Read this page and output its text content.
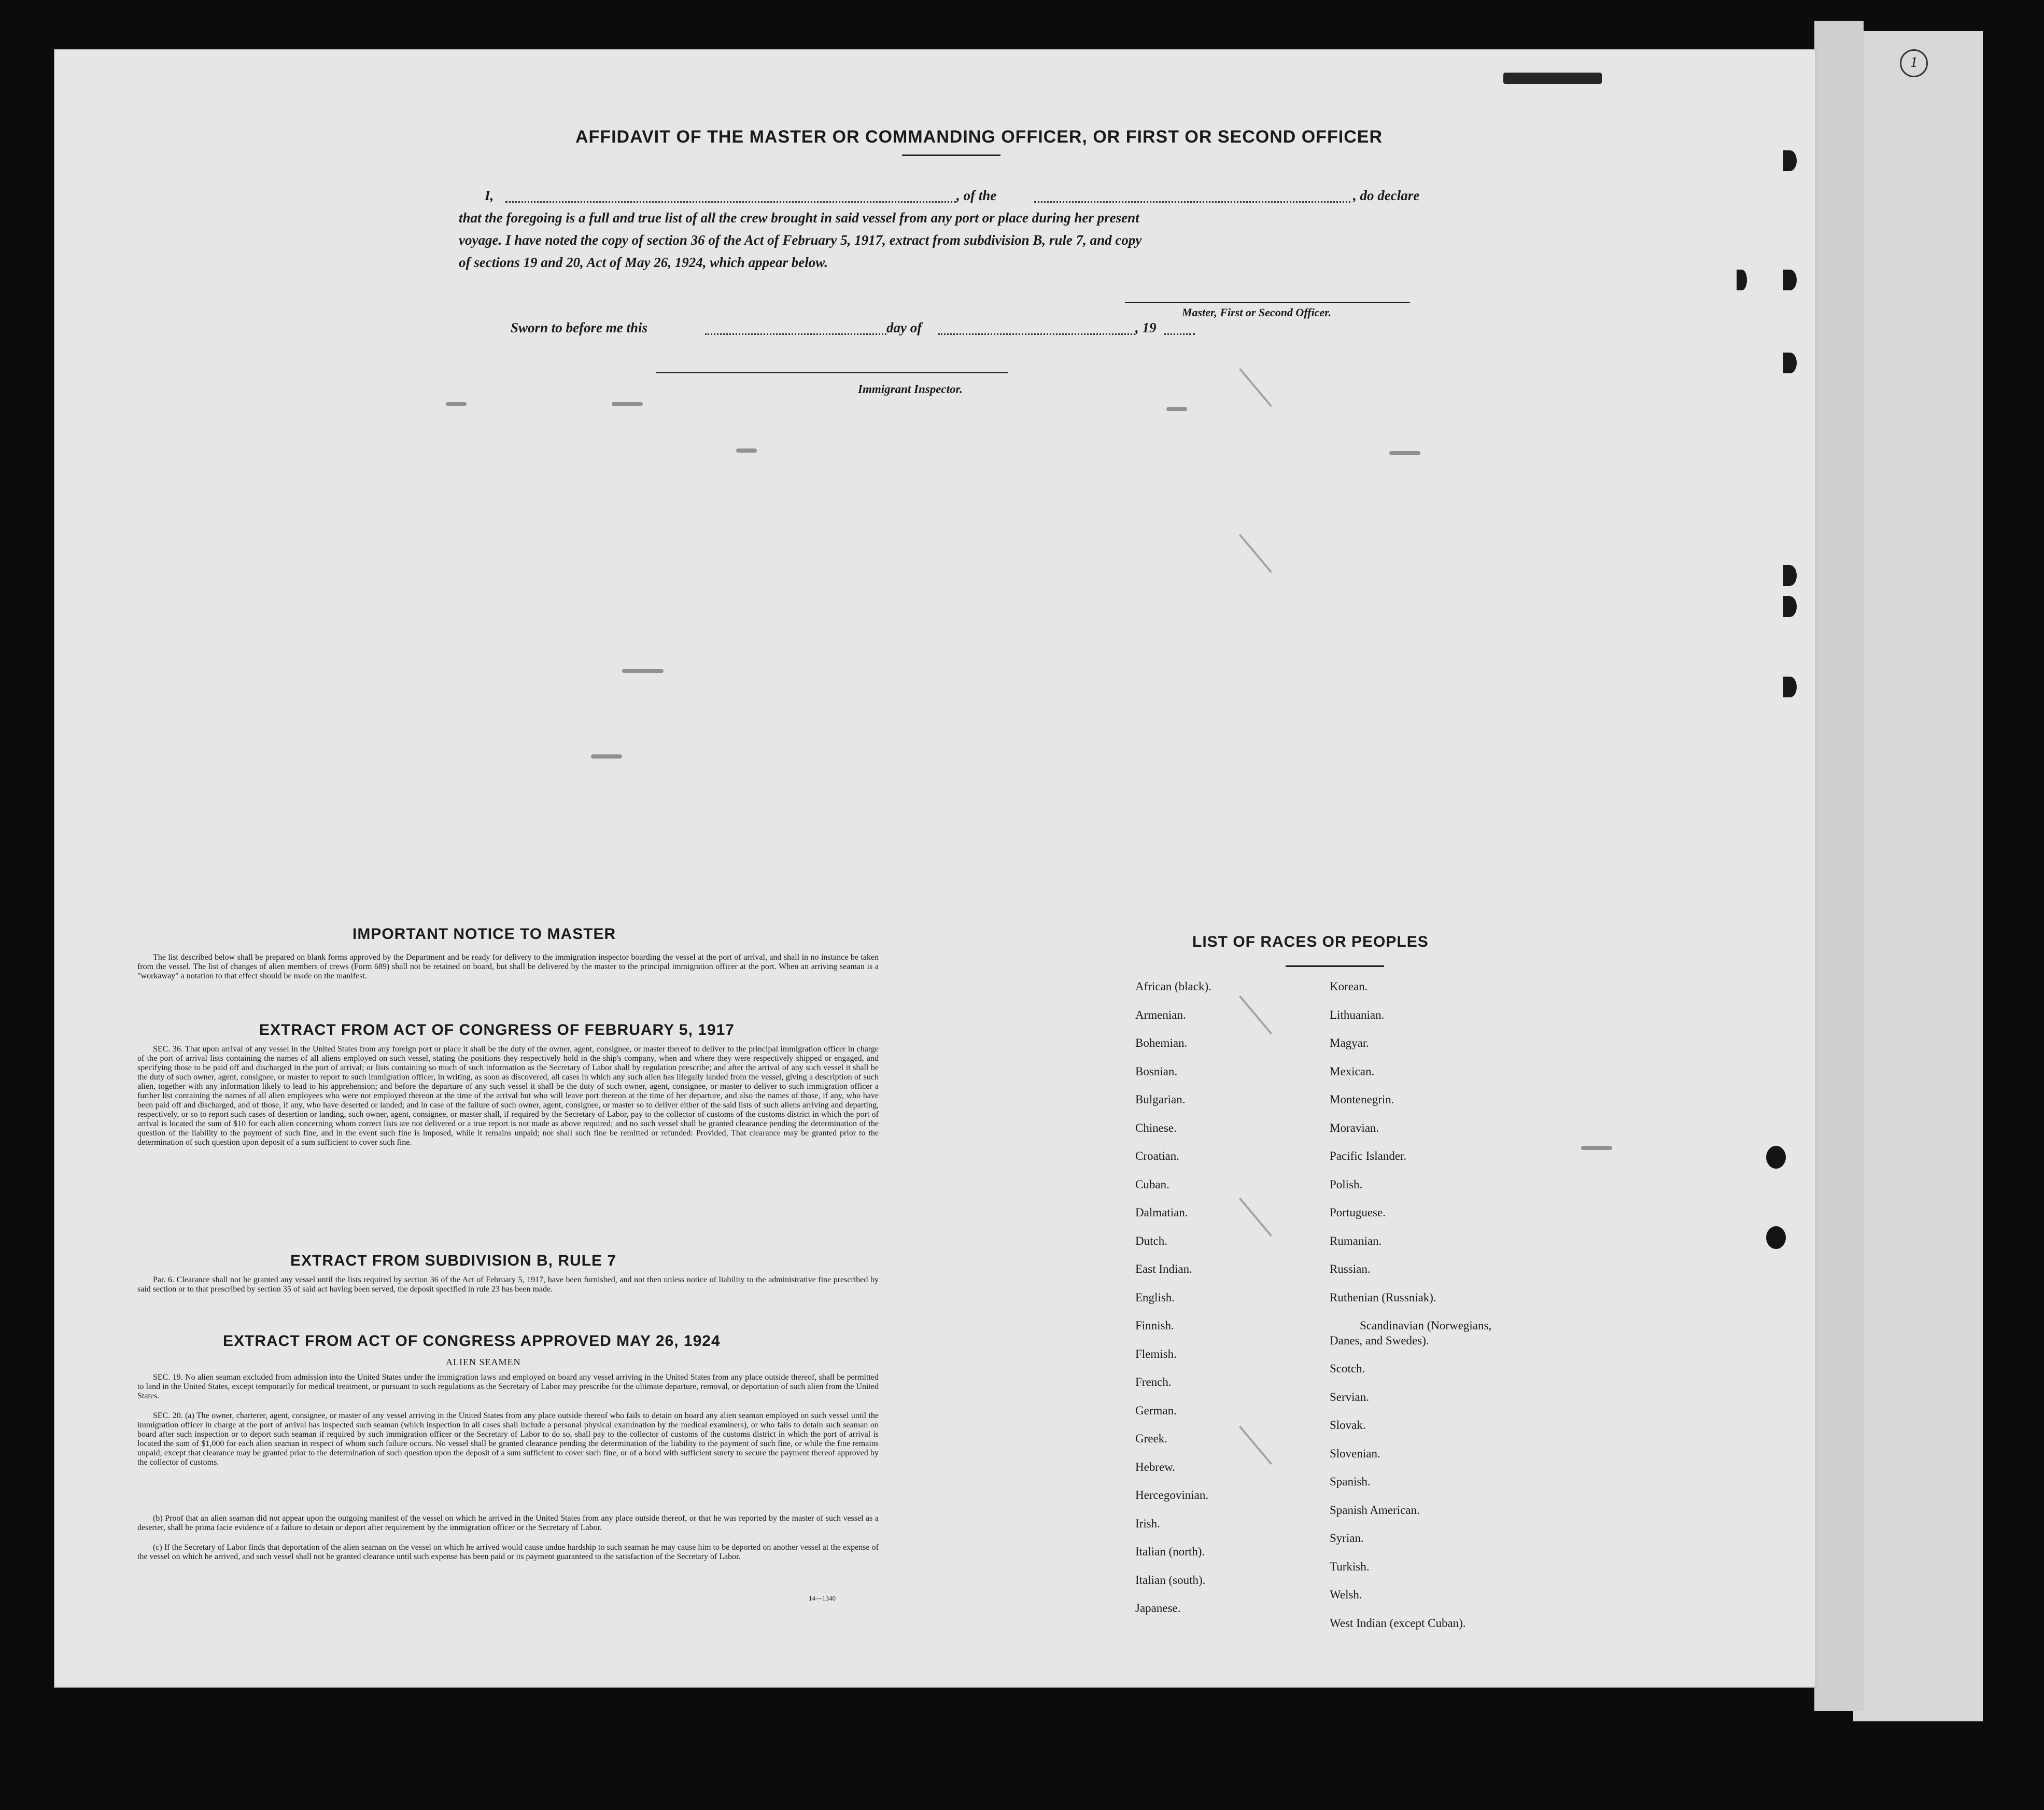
1
AFFIDAVIT OF THE MASTER OR COMMANDING OFFICER, OR FIRST OR SECOND OFFICER
I,	, of the	, do declare
that the foregoing is a full and true list of all the crew brought in said vessel from any port or place during her present
voyage. I have noted the copy of section 36 of the Act of February 5, 1917, extract from subdivision B, rule 7, and copy
of sections 19 and 20, Act of May 26, 1924, which appear below.
Master, First or Second Officer.
Sworn to before me this	day of	, 19
Immigrant Inspector.
IMPORTANT NOTICE TO MASTER
The list described below shall be prepared on blank forms approved by the Department and be ready for delivery to the immigration inspector boarding the vessel at the port of arrival, and shall in no instance be taken from the vessel. The list of changes of alien members of crews (Form 689) shall not be retained on board, but shall be delivered by the master to the principal immigration officer at the port. When an arriving seaman is a "workaway" a notation to that effect should be made on the manifest.
EXTRACT FROM ACT OF CONGRESS OF FEBRUARY 5, 1917
SEC. 36. That upon arrival of any vessel in the United States from any foreign port or place it shall be the duty of the owner, agent, consignee, or master thereof to deliver to the principal immigration officer in charge of the port of arrival lists containing the names of all aliens employed on such vessel, stating the positions they respectively hold in the ship's company, when and where they were respectively shipped or engaged, and specifying those to be paid off and discharged in the port of arrival; or lists containing so much of such information as the Secretary of Labor shall by regulation prescribe; and after the arrival of any such vessel it shall be the duty of such owner, agent, consignee, or master to report to such immigration officer, in writing, as soon as discovered, all cases in which any such alien has illegally landed from the vessel, giving a description of such alien, together with any information likely to lead to his apprehension; and before the departure of any such vessel it shall be the duty of such owner, agent, consignee, or master to deliver to such immigration officer a further list containing the names of all alien employees who were not employed thereon at the time of the arrival but who will leave port thereon at the time of her departure, and also the names of those, if any, who have been paid off and discharged, and of those, if any, who have deserted or landed; and in case of the failure of such owner, agent, consignee, or master so to deliver either of the said lists of such aliens arriving and departing, respectively, or so to report such cases of desertion or landing, such owner, agent, consignee, or master shall, if required by the Secretary of Labor, pay to the collector of customs of the customs district in which the port of arrival is located the sum of $10 for each alien concerning whom correct lists are not delivered or a true report is not made as above required; and no such vessel shall be granted clearance pending the determination of the question of the liability to the payment of such fine, and in the event such fine is imposed, while it remains unpaid; nor shall such fine be remitted or refunded: Provided, That clearance may be granted prior to the determination of such question upon deposit of a sum sufficient to cover such fine.
EXTRACT FROM SUBDIVISION B, RULE 7
Par. 6. Clearance shall not be granted any vessel until the lists required by section 36 of the Act of February 5, 1917, have been furnished, and not then unless notice of liability to the administrative fine prescribed by said section or to that prescribed by section 35 of said act having been served, the deposit specified in rule 23 has been made.
EXTRACT FROM ACT OF CONGRESS APPROVED MAY 26, 1924
ALIEN SEAMEN
SEC. 19. No alien seaman excluded from admission into the United States under the immigration laws and employed on board any vessel arriving in the United States from any place outside thereof, shall be permitted to land in the United States, except temporarily for medical treatment, or pursuant to such regulations as the Secretary of Labor may prescribe for the ultimate departure, removal, or deportation of such alien from the United States.
SEC. 20. (a) The owner, charterer, agent, consignee, or master of any vessel arriving in the United States from any place outside thereof who fails to detain on board any alien seaman employed on such vessel until the immigration officer in charge at the port of arrival has inspected such seaman (which inspection in all cases shall include a personal physical examination by the medical examiners), or who fails to detain such seaman on board after such inspection or to deport such seaman if required by such immigration officer or the Secretary of Labor to do so, shall pay to the collector of customs of the customs district in which the port of arrival is located the sum of $1,000 for each alien seaman in respect of whom such failure occurs. No vessel shall be granted clearance pending the determination of the liability to the payment of such fine, or while the fine remains unpaid, except that clearance may be granted prior to the determination of such question upon the deposit of a sum sufficient to cover such fine, or of a bond with sufficient surety to secure the payment thereof approved by the collector of customs.
(b) Proof that an alien seaman did not appear upon the outgoing manifest of the vessel on which he arrived in the United States from any place outside thereof, or that he was reported by the master of such vessel as a deserter, shall be prima facie evidence of a failure to detain or deport after requirement by the immigration officer or the Secretary of Labor.
(c) If the Secretary of Labor finds that deportation of the alien seaman on the vessel on which he arrived would cause undue hardship to such seaman he may cause him to be deported on another vessel at the expense of the vessel on which he arrived, and such vessel shall not be granted clearance until such expense has been paid or its payment guaranteed to the satisfaction of the Secretary of Labor.
14—1340
LIST OF RACES OR PEOPLES
African (black).
Armenian.
Bohemian.
Bosnian.
Bulgarian.
Chinese.
Croatian.
Cuban.
Dalmatian.
Dutch.
East Indian.
English.
Finnish.
Flemish.
French.
German.
Greek.
Hebrew.
Hercegovinian.
Irish.
Italian (north).
Italian (south).
Japanese.
Korean.
Lithuanian.
Magyar.
Mexican.
Montenegrin.
Moravian.
Pacific Islander.
Polish.
Portuguese.
Rumanian.
Russian.
Ruthenian (Russniak).
Scandinavian (Norwegians,
Danes, and Swedes).
Scotch.
Servian.
Slovak.
Slovenian.
Spanish.
Spanish American.
Syrian.
Turkish.
Welsh.
West Indian (except Cuban).
